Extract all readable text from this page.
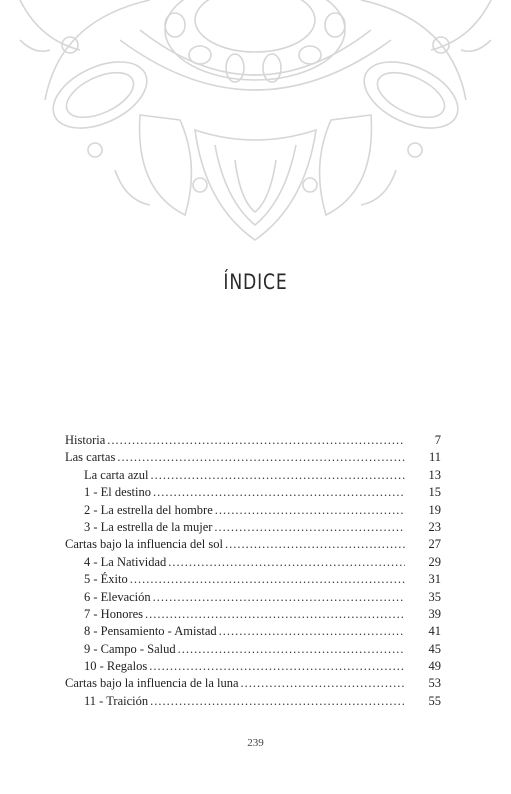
ÍNDICE
Historia .....	7
Las cartas .....	11
La carta azul .....	13
1 - El destino .....	15
2 - La estrella del hombre .....	19
3 - La estrella de la mujer .....	23
Cartas bajo la influencia del sol .....	27
4 - La Natividad .....	29
5 - Éxito .....	31
6 - Elevación .....	35
7 - Honores .....	39
8 - Pensamiento - Amistad .....	41
9 - Campo - Salud .....	45
10 - Regalos .....	49
Cartas bajo la influencia de la luna .....	53
11 - Traición .....	55
239
